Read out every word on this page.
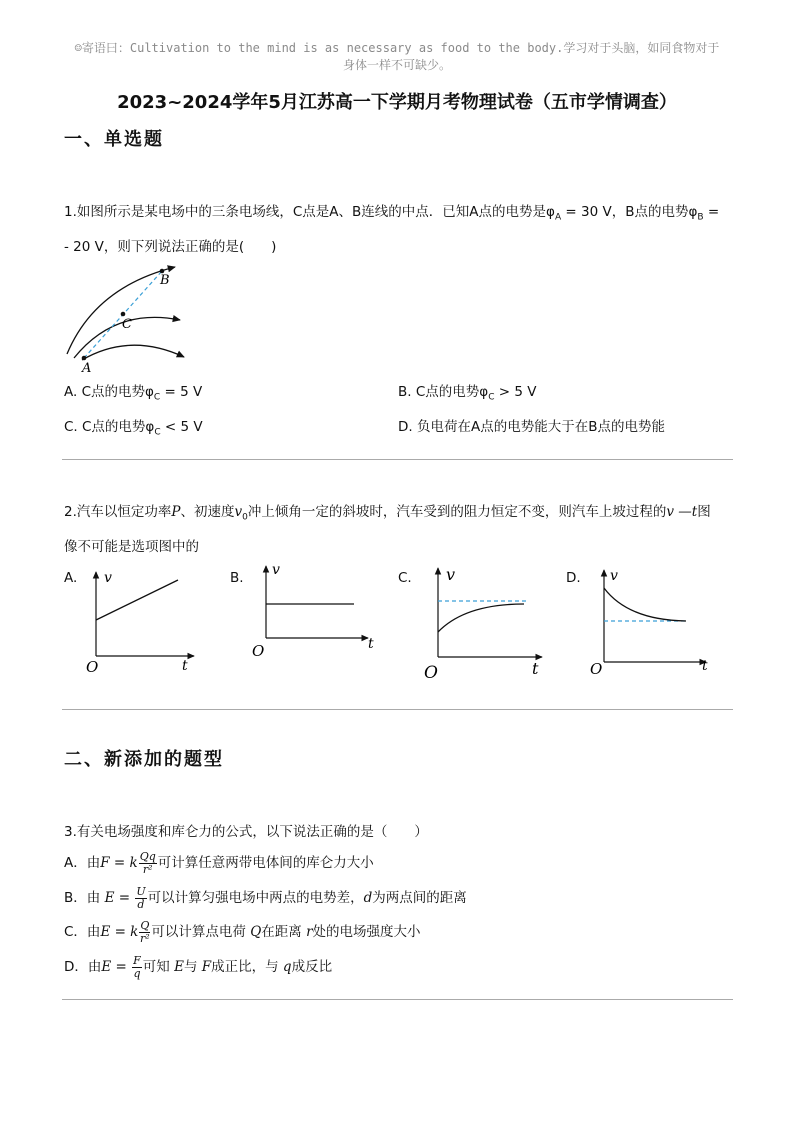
☺寄语曰：Cultivation to the mind is as necessary as food to the body.学习对于头脑，如同食物对于
身体一样不可缺少。
2023~2024学年5月江苏高一下学期月考物理试卷（五市学情调查）
一、单选题
1.如图所示是某电场中的三条电场线，C点是A、B连线的中点．已知A点的电势是$\varphi_A = 30$ V，B点的电势$\varphi_B$ =
- 20 V，则下列说法正确的是(　　)
B
C
A
A. C点的电势$\varphi_C = 5$ V	B. C点的电势$\varphi_C > 5$ V
C. C点的电势$\varphi_C < 5$ V	D. 负电荷在A点的电势能大于在B点的电势能
2.汽车以恒定功率P、初速度$v_0$冲上倾角一定的斜坡时，汽车受到的阻力恒定不变，则汽车上坡过程的v —t图
像不可能是选项图中的
A. v
t
O
B. v
t
O
C. v
t
O
D. v
t
O
二、新添加的题型
3.有关电场强度和库仑力的公式，以下说法正确的是（　　）
A．由F = k $\frac{Qq}{\text{r²}}$ 可计算任意两带电体间的库仑力大小
B．由 $E = \frac{U}{d}$ 可以计算匀强电场中两点的电势差，d为两点间的距离
C．由E = k $\frac{Q}{\text{r²}}$ 可以计算点电荷 Q在距离 r处的电场强度大小
D．由$E = \frac{F}{q}$ 可知 E与 F成正比，与 q成反比
